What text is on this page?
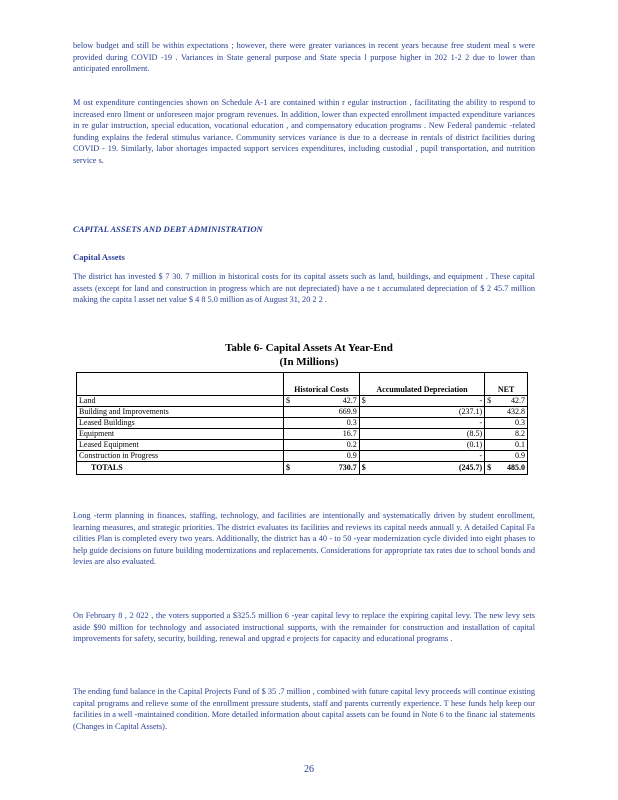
below budget and still be within expectations ; however, there were greater variances in recent years because free student meal s were provided during COVID -19 . Variances in State general purpose and State specia l purpose higher in 202 1-2 2 due to lower than anticipated enrollment.

M ost expenditure contingencies shown on Schedule A-1 are contained within r egular instruction , facilitating the ability to respond to increased enro llment or unforeseen major program revenues. In addition, lower than expected enrollment impacted expenditure variances in re gular instruction, special education, vocational education , and compensatory education programs . New Federal pandemic -related funding explains the federal stimulus variance. Community services variance is due to a decrease in rentals of district facilities during COVID - 19. Similarly, labor shortages impacted support services expenditures, including custodial , pupil transportation, and nutrition service s.

CAPITAL ASSETS AND DEBT ADMINISTRATION
Capital Assets

The district has invested $ 7 30. 7 million in historical costs for its capital assets such as land, buildings, and equipment . These capital assets (except for land and construction in progress which are not depreciated) have a ne t accumulated depreciation of $ 2 45.7 million making the capita l asset net value $ 4 8 5.0 million as of August 31, 20 2 2 .

Table 6- Capital Assets At Year-End
(In Millions)
	Historical Costs		Accumulated Depreciation		NET	
Land	$	42.7	$	-	$	42.7
Building and Improvements		669.9		(237.1)		432.8
Leased Buildings		0.3		-		0.3
Equipment		16.7		(8.5)		8.2
Leased Equipment		0.2		(0.1)		0.1
Construction in Progress		0.9		-		0.9
TOTALS	$	730.7	$	(245.7)	$	485.0

Long -term planning in finances, staffing, technology, and facilities are intentionally and systematically driven by student enrollment, learning measures, and strategic priorities. The district evaluates its facilities and reviews its capital needs annuall y. A detailed Capital Fa cilities Plan is completed every two years. Additionally, the district has a 40 - to 50 -year modernization cycle divided into eight phases to help guide decisions on future building modernizations and replacements. Considerations for appropriate tax rates due to school bonds and levies are also evaluated.

On February 8 , 2 022 , the voters supported a $325.5 million 6 -year capital levy to replace the expiring capital levy. The new levy sets aside $90 million for technology and associated instructional supports, with the remainder for construction and installation of capital improvements for safety, security, building, renewal and upgrad e projects for capacity and educational programs .

The ending fund balance in the Capital Projects Fund of $ 35 .7 million , combined with future capital levy proceeds will continue existing capital programs and relieve some of the enrollment pressure students, staff and parents currently experience. T hese funds help keep our facilities in a well -maintained condition. More detailed information about capital assets can be found in Note 6 to the financ ial statements (Changes in Capital Assets).

26
